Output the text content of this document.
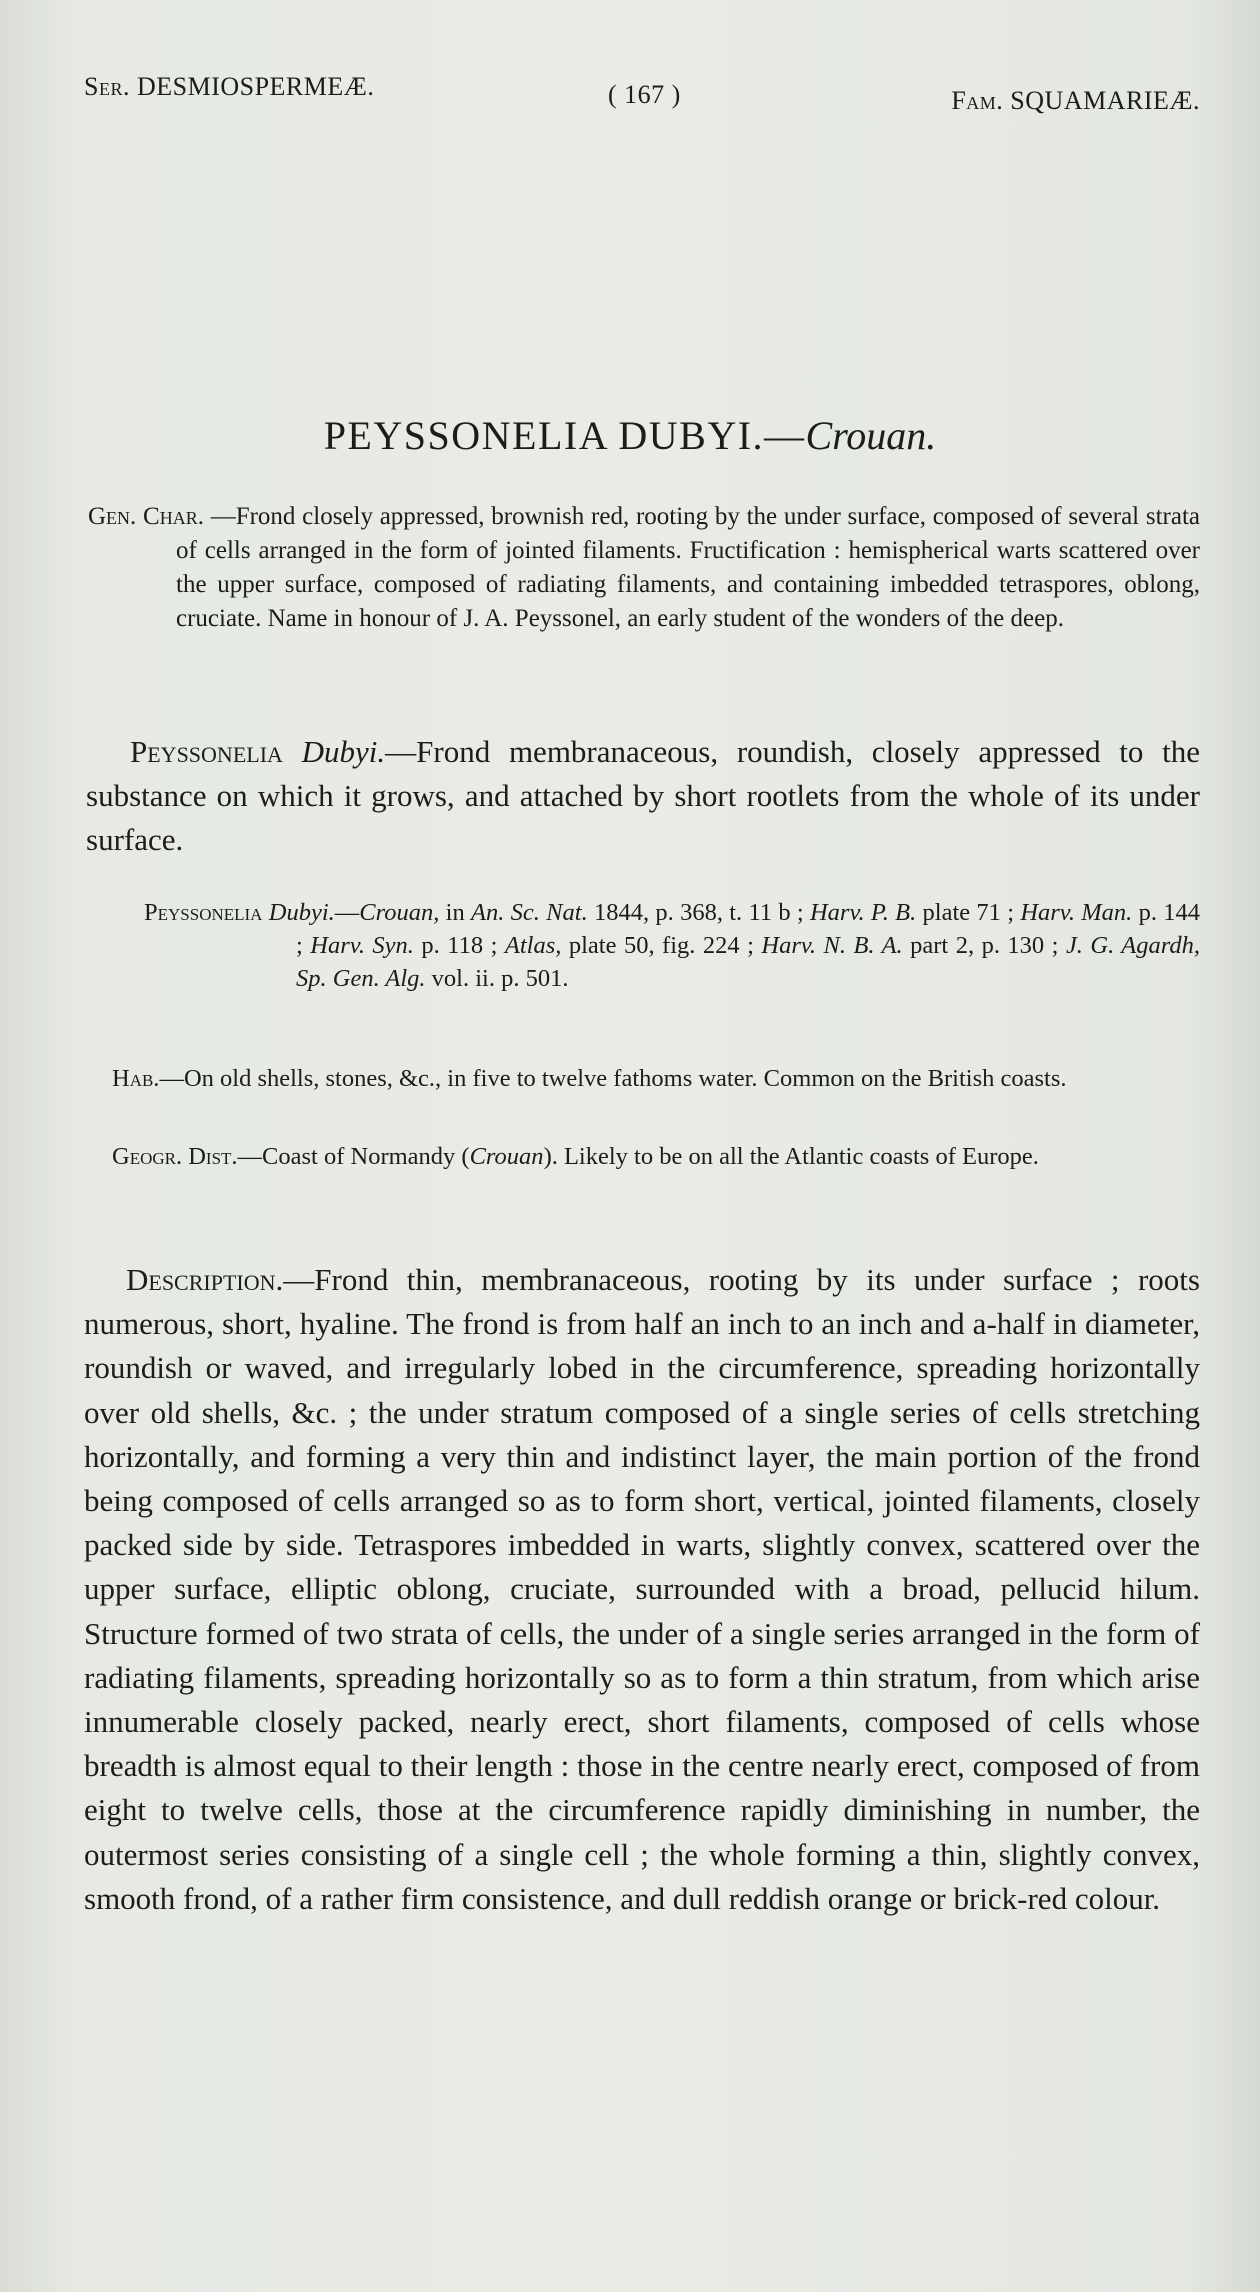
Ser. DESMIOSPERMEÆ.	( 167 )	Fam. SQUAMARIEÆ.
PEYSSONELIA DUBYI.—Crouan.
Gen. Char. —Frond closely appressed, brownish red, rooting by the under surface, composed of several strata of cells arranged in the form of jointed filaments. Fructification : hemispherical warts scattered over the upper surface, composed of radiating filaments, and containing imbedded tetraspores, oblong, cruciate. Name in honour of J. A. Peyssonel, an early student of the wonders of the deep.
Peyssonelia Dubyi.—Frond membranaceous, roundish, closely appressed to the substance on which it grows, and attached by short rootlets from the whole of its under surface.
Peyssonelia Dubyi.—Crouan, in An. Sc. Nat. 1844, p. 368, t. 11 b ; Harv. P. B. plate 71 ; Harv. Man. p. 144 ; Harv. Syn. p. 118 ; Atlas, plate 50, fig. 224 ; Harv. N. B. A. part 2, p. 130 ; J. G. Agardh, Sp. Gen. Alg. vol. ii. p. 501.
Hab.—On old shells, stones, &c., in five to twelve fathoms water. Common on the British coasts.
Geogr. Dist.—Coast of Normandy (Crouan). Likely to be on all the Atlantic coasts of Europe.
Description.—Frond thin, membranaceous, rooting by its under surface ; roots numerous, short, hyaline. The frond is from half an inch to an inch and a-half in diameter, roundish or waved, and irregularly lobed in the circumference, spreading horizontally over old shells, &c. ; the under stratum composed of a single series of cells stretching horizontally, and forming a very thin and indistinct layer, the main portion of the frond being composed of cells arranged so as to form short, vertical, jointed filaments, closely packed side by side. Tetraspores imbedded in warts, slightly convex, scattered over the upper surface, elliptic oblong, cruciate, surrounded with a broad, pellucid hilum. Structure formed of two strata of cells, the under of a single series arranged in the form of radiating filaments, spreading horizontally so as to form a thin stratum, from which arise innumerable closely packed, nearly erect, short filaments, composed of cells whose breadth is almost equal to their length : those in the centre nearly erect, composed of from eight to twelve cells, those at the circumference rapidly diminishing in number, the outermost series consisting of a single cell ; the whole forming a thin, slightly convex, smooth frond, of a rather firm consistence, and dull reddish orange or brick-red colour.
